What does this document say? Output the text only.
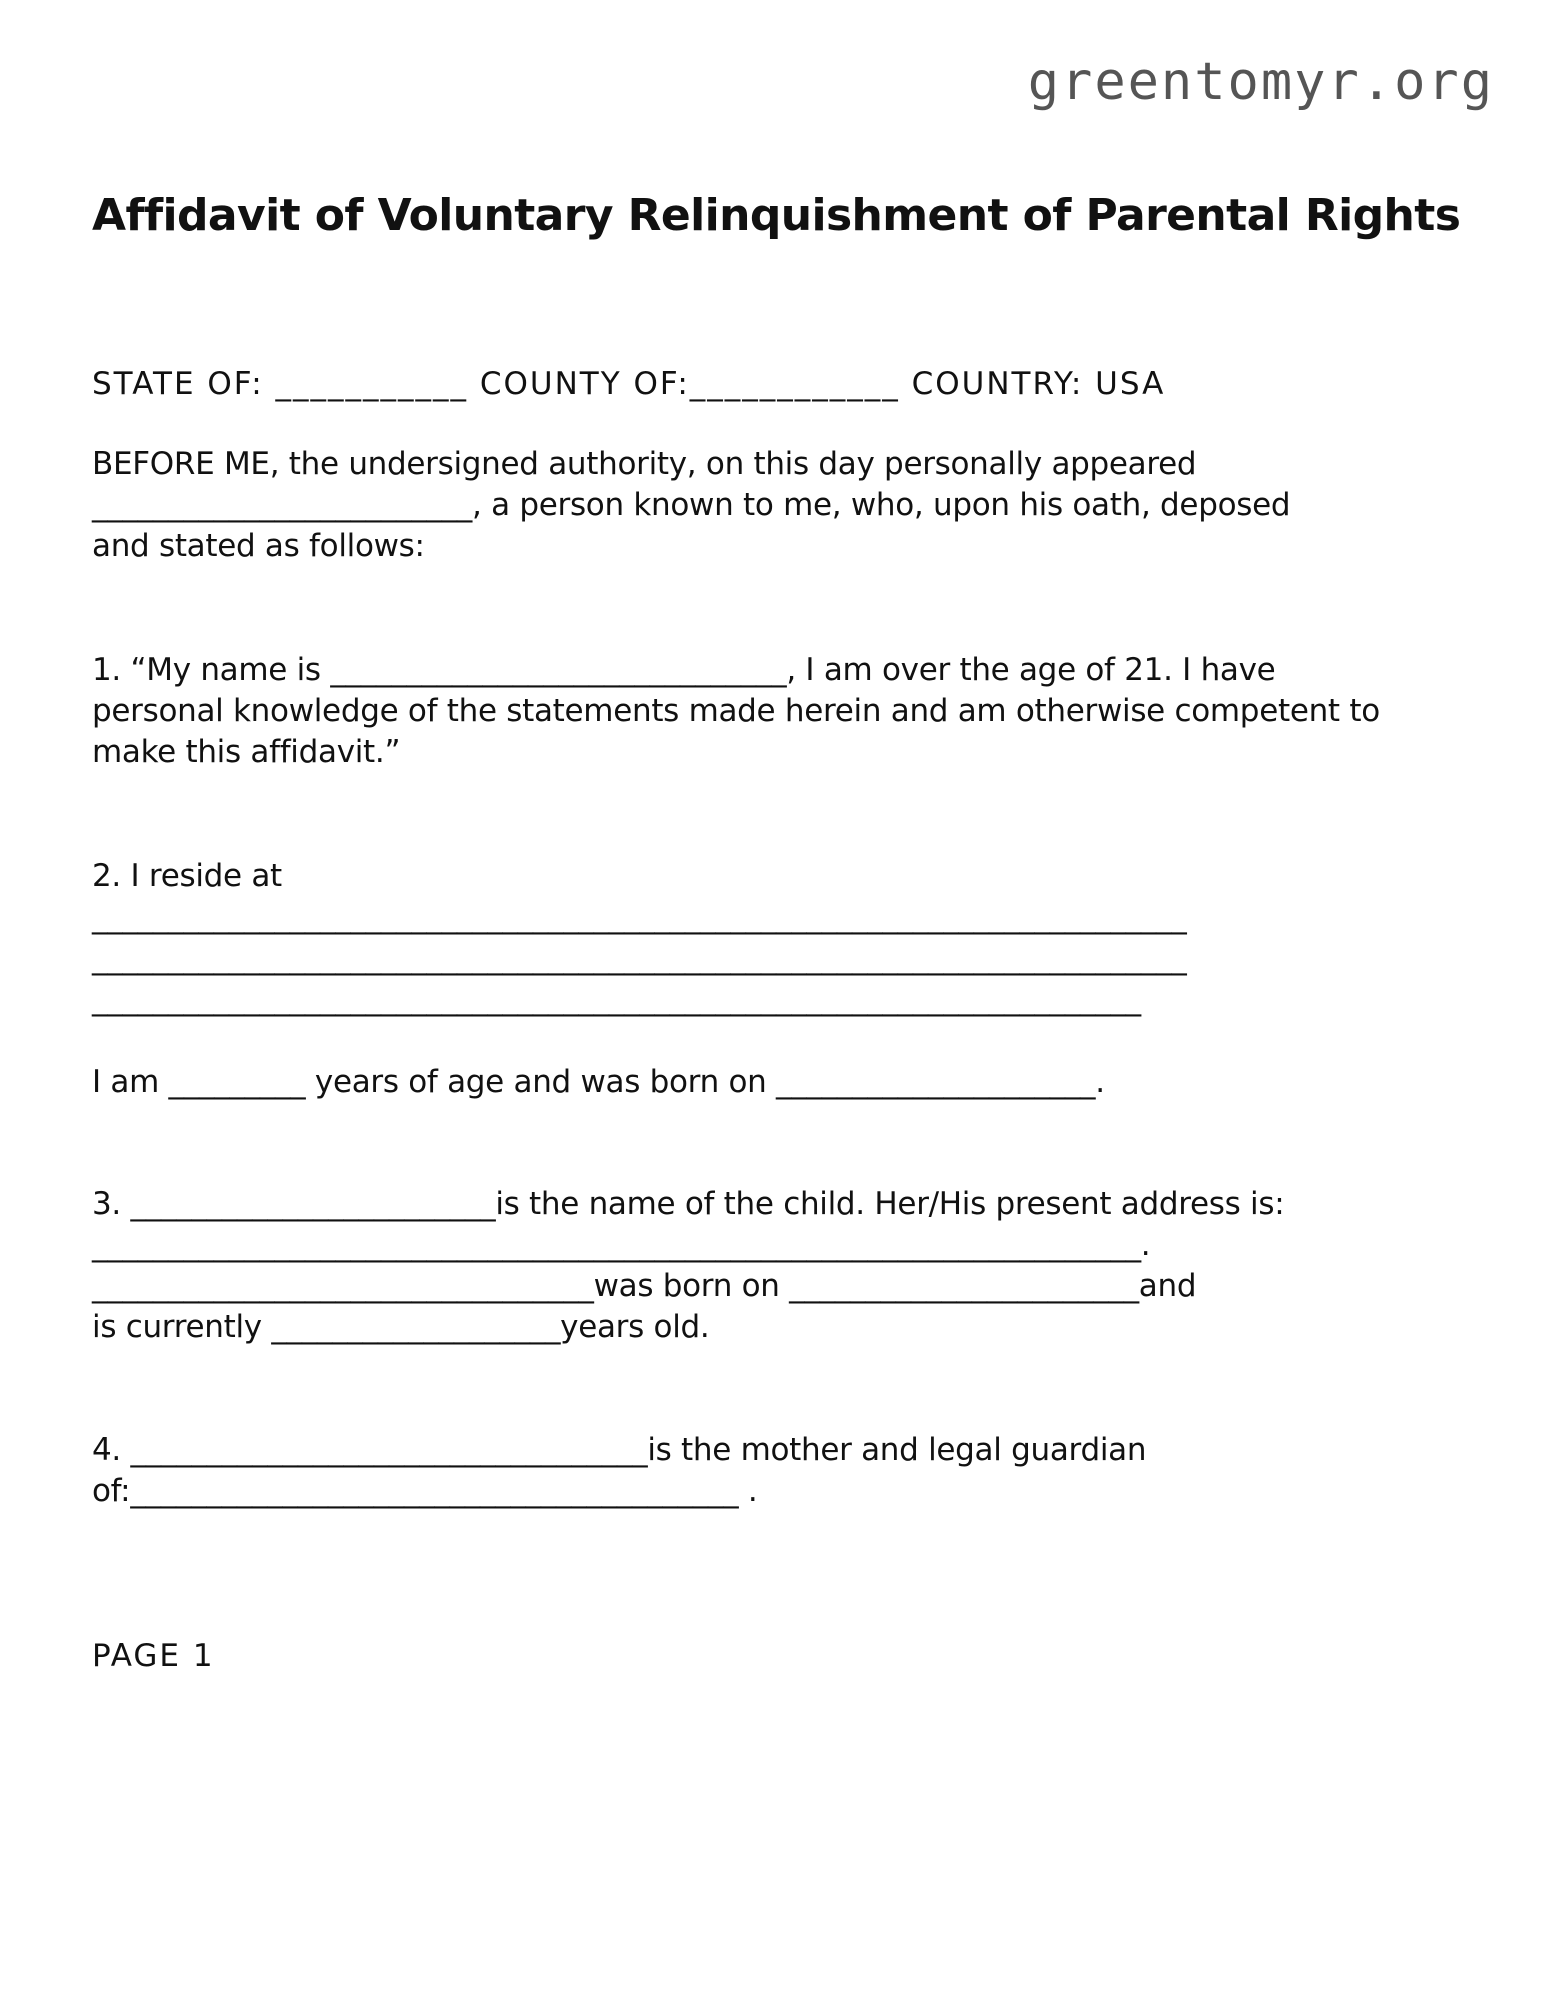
greentomyr.org

Affidavit of Voluntary Relinquishment of Parental Rights

STATE OF: ___________ COUNTY OF:____________ COUNTRY: USA

BEFORE ME, the undersigned authority, on this day personally appeared
_________________________, a person known to me, who, upon his oath, deposed
and stated as follows:
1. “My name is ______________________________, I am over the age of 21. I have
personal knowledge of the statements made herein and am otherwise competent to
make this affidavit.”
2. I reside at
________________________________________________________________________
________________________________________________________________________
_____________________________________________________________________

I am _________ years of age and was born on _____________________.

3. ________________________is the name of the child. Her/His present address is:
_____________________________________________________________________.
_________________________________was born on _______________________and
is currently ___________________years old.
4. __________________________________is the mother and legal guardian
of:________________________________________ .

PAGE 1
